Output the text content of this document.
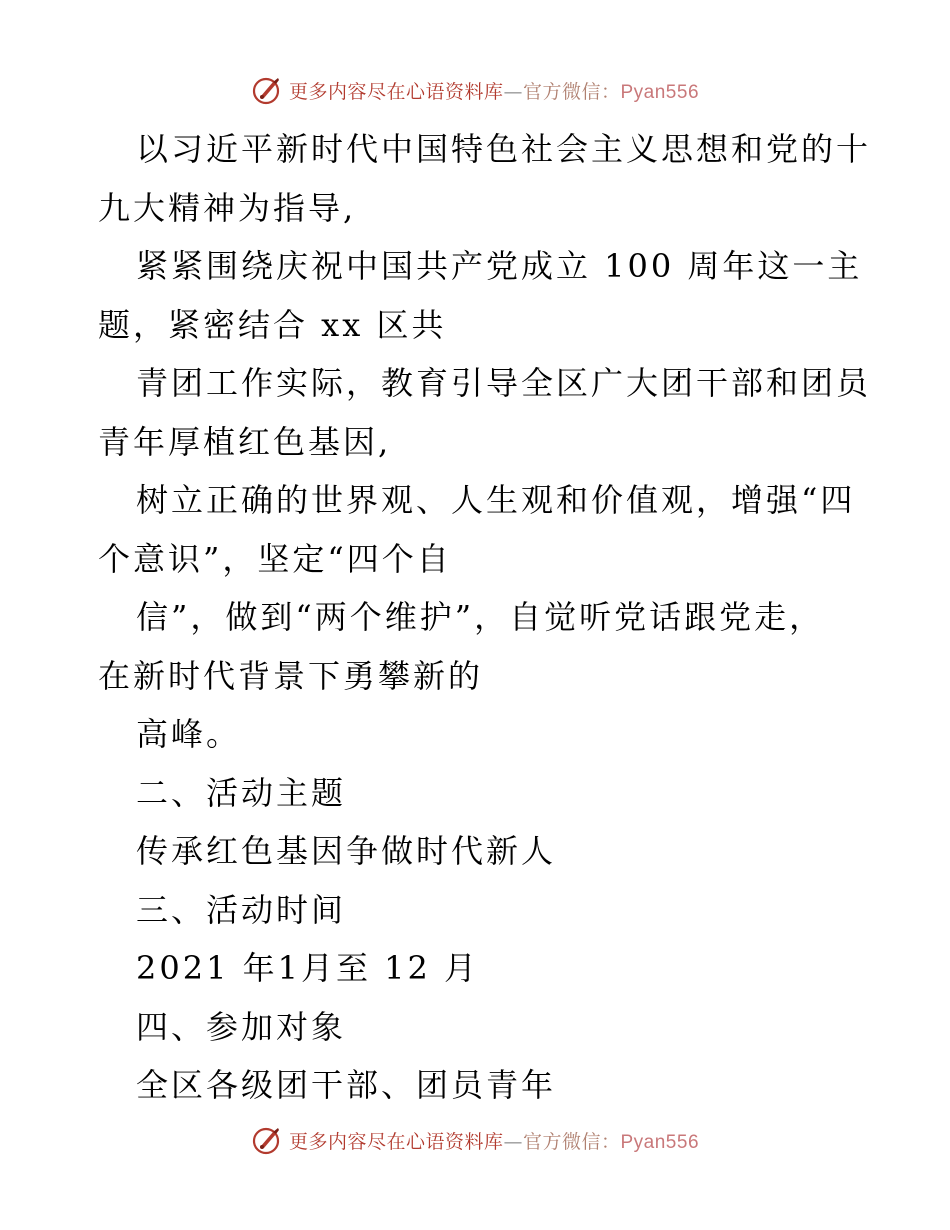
更多内容尽在心语资料库—官方微信：Pyan556
以习近平新时代中国特色社会主义思想和党的十
九大精神为指导,
紧紧围绕庆祝中国共产党成立 100 周年这一主
题，紧密结合 xx 区共
青团工作实际，教育引导全区广大团干部和团员
青年厚植红色基因,
树立正确的世界观、人生观和价值观，增强“四
个意识”，坚定“四个自
信”，做到“两个维护”，自觉听党话跟党走，
在新时代背景下勇攀新的
高峰。
二、活动主题
传承红色基因争做时代新人
三、活动时间
2021 年1月至 12 月
四、参加对象
全区各级团干部、团员青年
更多内容尽在心语资料库—官方微信：Pyan556
